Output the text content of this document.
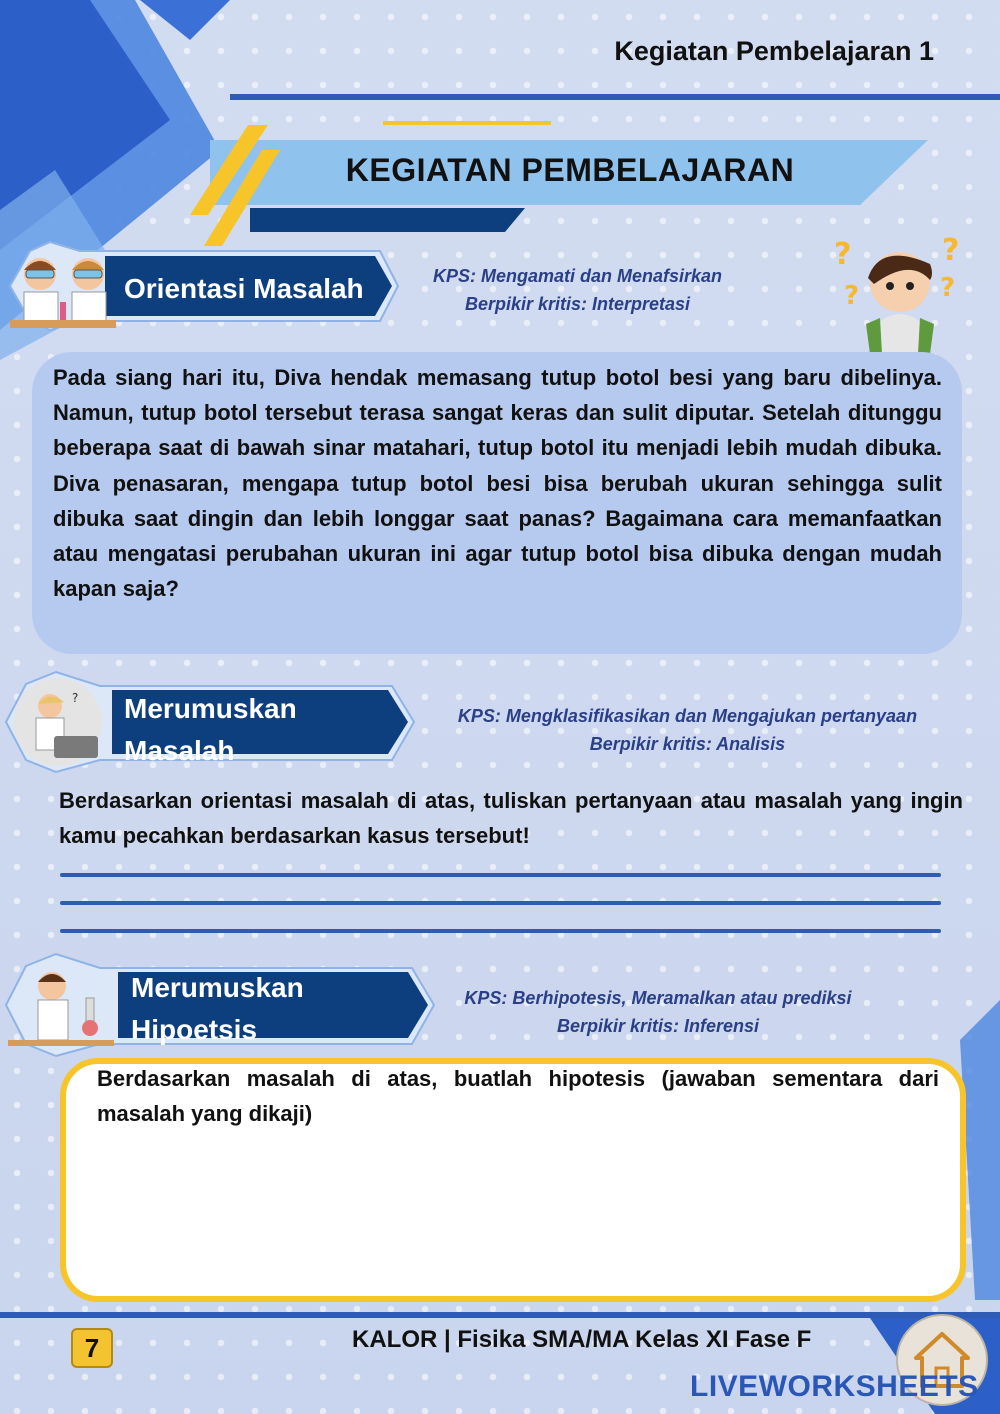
Kegiatan Pembelajaran 1
KEGIATAN PEMBELAJARAN
Orientasi Masalah	KPS: Mengamati dan Menafsirkan
Berpikir kritis: Interpretasi
?	?
?	?
Pada siang hari itu, Diva hendak memasang tutup botol besi yang baru dibelinya. Namun, tutup botol tersebut terasa sangat keras dan sulit diputar. Setelah ditunggu beberapa saat di bawah sinar matahari, tutup botol itu menjadi lebih mudah dibuka. Diva penasaran, mengapa tutup botol besi bisa berubah ukuran sehingga sulit dibuka saat dingin dan lebih longgar saat panas? Bagaimana cara memanfaatkan atau mengatasi perubahan ukuran ini agar tutup botol bisa dibuka dengan mudah kapan saja?
? Merumuskan
Masalah
KPS: Mengklasifikasikan dan Mengajukan pertanyaan
Berpikir kritis: Analisis
Berdasarkan orientasi masalah di atas, tuliskan pertanyaan atau masalah yang ingin kamu pecahkan berdasarkan kasus tersebut!
Merumuskan
Hipoetsis
KPS: Berhipotesis, Meramalkan atau prediksi
Berpikir kritis: Inferensi
Berdasarkan masalah di atas, buatlah hipotesis (jawaban sementara dari masalah yang dikaji)
7	KALOR | Fisika SMA/MA Kelas XI Fase F
LIVEWORKSHEETS
